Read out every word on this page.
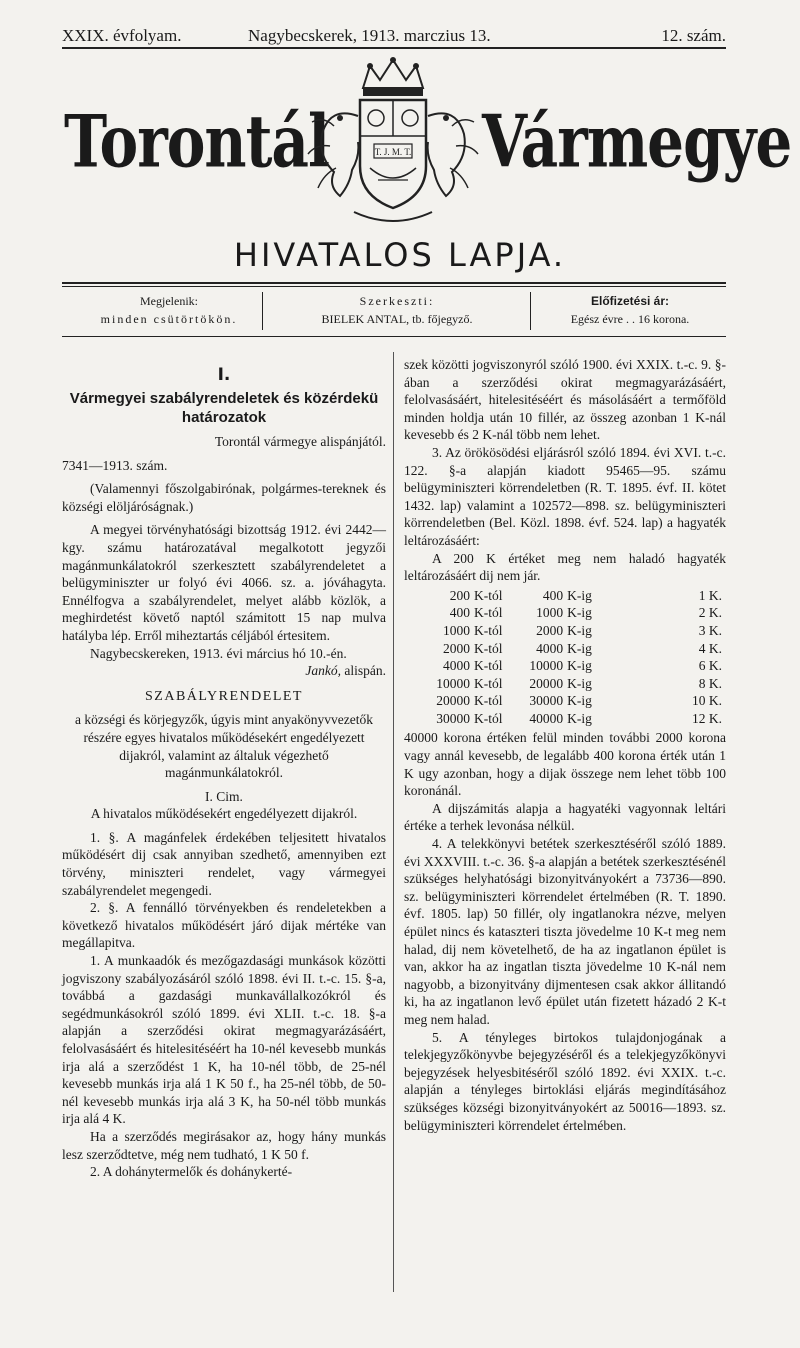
XXIX. évfolyam.	Nagybecskerek, 1913. marczius 13.	12. szám.
Torontál	Vármegye
Т. Ј. М. Т.
HIVATALOS LAPJA.
Megjelenik:
minden csütörtökön.
Szerkeszti:
BIELEK ANTAL, tb. főjegyző.
Előfizetési ár:
Egész évre . . 16 korona.

I.

Vármegyei szabályrendeletek és közérdekü határozatok

Torontál vármegye alispánjától.

7341—1913. szám.

(Valamennyi főszolgabirónak, polgármes-tereknek és községi elöljáróságnak.)

A megyei törvényhatósági bizottság 1912. évi 2442—kgy. számu határozatával megalkotott jegyzői magánmunkálatokról szerkesztett szabályrendeletet a belügyminiszter ur folyó évi 4066. sz. a. jóváhagyta. Ennélfogva a szabályrendelet, melyet alább közlök, a meghirdetést követő naptól számitott 15 nap mulva hatályba lép. Erről miheztartás céljából értesitem.

Nagybecskereken, 1913. évi március hó 10.-én.

Jankó, alispán.

SZABÁLYRENDELET

a községi és körjegyzők, úgyis mint anyakönyvvezetők részére egyes hivatalos működésekért engedélyezett dijakról, valamint az általuk végezhető magánmunkálatokról.

I. Cim.

A hivatalos működésekért engedélyezett dijakról.

1. §. A magánfelek érdekében teljesitett hivatalos működésért dij csak annyiban szedhető, amennyiben ezt törvény, miniszteri rendelet, vagy vármegyei szabályrendelet megengedi.

2. §. A fennálló törvényekben és rendeletekben a következő hivatalos működésért járó dijak mértéke van megállapitva.

1. A munkaadók és mezőgazdasági munkások közötti jogviszony szabályozásáról szóló 1898. évi II. t.-c. 15. §-a, továbbá a gazdasági munkavállalkozókról és segédmunkásokról szóló 1899. évi XLII. t.-c. 18. §-a alapján a szerződési okirat megmagyarázásáért, felolvasásáért és hitelesitéséért ha 10-nél kevesebb munkás irja alá a szerződést 1 K, ha 10-nél több, de 25-nél kevesebb munkás irja alá 1 K 50 f., ha 25-nél több, de 50-nél kevesebb munkás irja alá 3 K, ha 50-nél több munkás irja alá 4 K.

Ha a szerződés megirásakor az, hogy hány munkás lesz szerződtetve, még nem tudható, 1 K 50 f.

2. A dohánytermelők és dohánykerté-

szek közötti jogviszonyról szóló 1900. évi XXIX. t.-c. 9. §-ában a szerződési okirat megmagyarázásáért, felolvasásáért, hitelesitéséért és másolásáért a termőföld minden holdja után 10 fillér, az összeg azonban 1 K-nál kevesebb és 2 K-nál több nem lehet.

3. Az örökösödési eljárásról szóló 1894. évi XVI. t.-c. 122. §-a alapján kiadott 95465—95. számu belügyminiszteri körrendeletben (R. T. 1895. évf. II. kötet 1432. lap) valamint a 102572—898. sz. belügyminiszteri körrendeletben (Bel. Közl. 1898. évf. 524. lap) a hagyaték leltározásáért:

A 200 K értéket meg nem haladó hagyaték leltározásáért dij nem jár.

200	K-tól	400	K-ig	1 K.
400	K-tól	1000	K-ig	2 K.
1000	K-tól	2000	K-ig	3 K.
2000	K-tól	4000	K-ig	4 K.
4000	K-tól	10000	K-ig	6 K.
10000	K-tól	20000	K-ig	8 K.
20000	K-tól	30000	K-ig	10 K.
30000	K-tól	40000	K-ig	12 K.

40000 korona értéken felül minden további 2000 korona vagy annál kevesebb, de legalább 400 korona érték után 1 K ugy azonban, hogy a dijak összege nem lehet több 100 koronánál.

A dijszámitás alapja a hagyatéki vagyonnak leltári értéke a terhek levonása nélkül.

4. A telekkönyvi betétek szerkesztéséről szóló 1889. évi XXXVIII. t.-c. 36. §-a alapján a betétek szerkesztésénél szükséges helyhatósági bizonyitványokért a 73736—890. sz. belügyminiszteri körrendelet értelmében (R. T. 1890. évf. 1805. lap) 50 fillér, oly ingatlanokra nézve, melyen épület nincs és kataszteri tiszta jövedelme 10 K-t meg nem halad, dij nem követelhető, de ha az ingatlanon épület is van, akkor ha az ingatlan tiszta jövedelme 10 K-nál nem nagyobb, a bizonyitvány dijmentesen csak akkor állitandó ki, ha az ingatlanon levő épület után fizetett házadó 2 K-t meg nem halad.

5. A tényleges birtokos tulajdonjogának a telekjegyzőkönyvbe bejegyzéséről és a telekjegyzőkönyvi bejegyzések helyesbitéséről szóló 1892. évi XXIX. t.-c. alapján a tényleges birtoklási eljárás megindításához szükséges községi bizonyitványokért az 50016—1893. sz. belügyminiszteri körrendelet értelmében.
